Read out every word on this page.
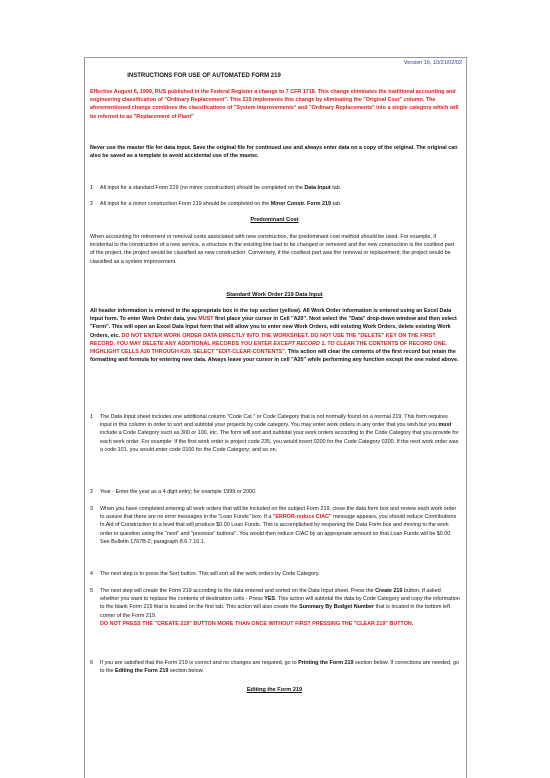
Version 16, 10/21/02/02
INSTRUCTIONS FOR USE OF AUTOMATED FORM 219

Effective August 6, 1999, RUS published in the Federal Register a change to 7 CFR 1718. This change eliminates the traditional accounting and engineering classification of "Ordinary Replacement". This 219 implements this change by eliminating the "Original Cost" column. The aforementioned change combines the classifications of "System Improvements" and "Ordinary Replacements" into a single category which will be referred to as "Replacement of Plant"

Never use the master file for data input. Save the original file for continued use and always enter data on a copy of the original. The original can also be saved as a template to avoid accidental use of the master.

1 All input for a standard Form 219 (no minor construction) should be completed on the Data Input tab.

2 All input for a minor construction Form 219 should be completed on the Minor Constr. Form 219 tab.

Predominant Cost

When accounting for retirement or removal costs associated with new construction, the predominant cost method should be used. For example, if incidental to the construction of a new service, a structure in the existing line had to be changed or removed and the new construction is the costliest part of the project, the project would be classified as new construction. Conversely, if the costliest part was the removal or replacement, the project would be classified as a system improvement.

Standard Work Order 219 Data Input

All header information is entered in the appropriate box in the top section (yellow). All Work Order information is entered using an Excel Data Input form. To enter Work Order data, you MUST first place your cursor in Cell "A20". Next select the "Data" drop-down window and then select "Form". This will open an Excel Data Input form that will allow you to enter new Work Orders, edit existing Work Orders, delete existing Work Orders, etc. DO NOT ENTER WORK ORDER DATA DIRECTLY INTO THE WORKSHEET. DO NOT USE THE "DELETE" KEY ON THE FIRST RECORD. YOU MAY DELETE ANY ADDITIONAL RECORDS YOU ENTER EXCEPT RECORD 1. TO CLEAR THE CONTENTS OF RECORD ONE, HIGHLIGHT CELLS A20 THROUGH K20. SELECT "EDIT-CLEAR-CONTENTS". This action will clear the contents of the first record but retain the formatting and formula for entering new data. Always leave your cursor in cell "A20" while performing any function except the one noted above.

1 The Data Input sheet includes one additional column "Code Cat." or Code Category that is not normally found on a normal 219. This form requires input in this column in order to sort and subtotal your projects by code category. You may enter work orders in any order that you wish but you must include a Code Category such as 300 or 100, etc. The form will sort and subtotal your work orders according to the Code Category that you provide for each work order. For example: If the first work order is project code 235, you would insert 0200 for the Code Category 0200. If the next work order was a code 101, you would enter code 0100 for the Code Category; and so on.

2 Year - Enter the year as a 4 digit entry; for example 1999 or 2000.

3 When you have completed entering all work orders that will be included on the subject Form 219, close the data form box and review each work order to assure that there are no error messages in the "Loan Funds" box. If a "ERROR-reduce CIAC" message appears, you should reduce Contributions In Aid of Construction to a level that will produce $0.00 Loan Funds. This is accomplished by reopening the Data Form box and moving to the work order in question using the "next" and "previous" buttons". You would then reduce CIAC by an appropriate amount so that Loan Funds will be $0.00. See Bulletin 1767B-2, paragraph 8.6.7.10.1.

4 The next step is to press the Sort button. This will sort all the work orders by Code Category.

5 The next step will create the Form 219 according to the data entered and sorted on the Data Input sheet. Press the Create 219 button. If asked whether you want to replace the contents of destination cells - Press YES. This action will subtotal the data by Code Category and copy the information to the blank Form 219 that is located on the first tab. This action will also create the Summary By Budget Number that is located in the bottom left corner of the Form 219.
DO NOT PRESS THE "CREATE 219" BUTTON MORE THAN ONCE WITHOUT FIRST PRESSING THE "CLEAR 219" BUTTON.

6 If you are satisfied that the Form 219 is correct and no changes are required, go to Printing the Form 219 section below. If corrections are needed, go to the Editing the Form 219 section below.

Editing the Form 219
